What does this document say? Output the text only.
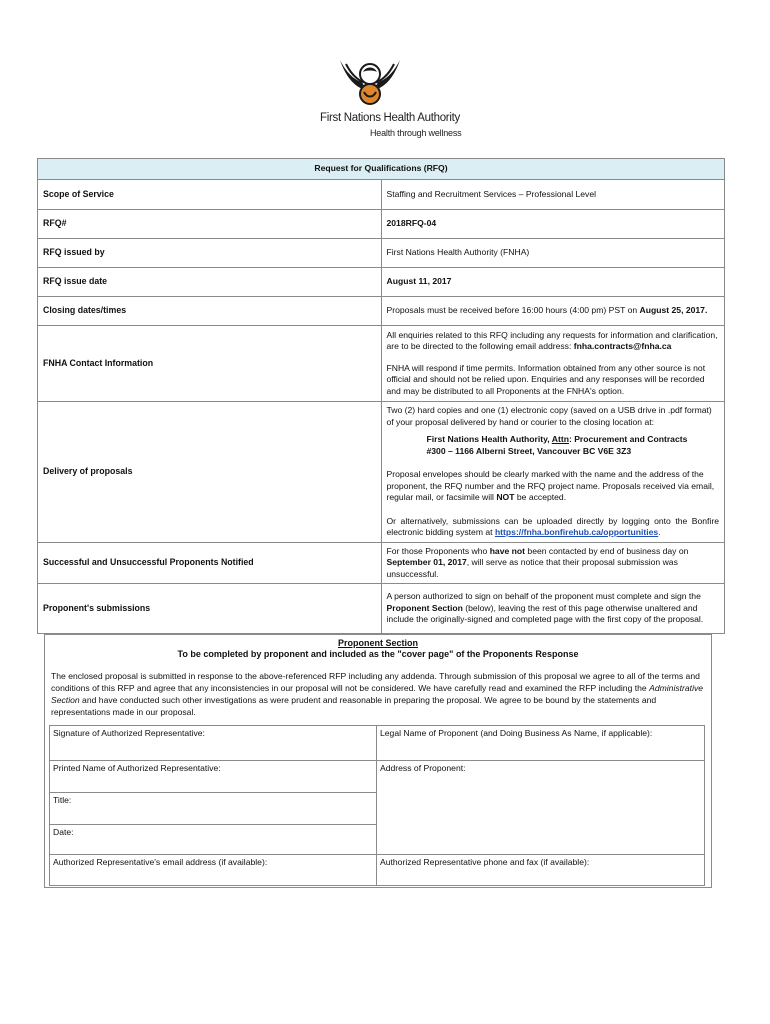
First Nations Health Authority
Health through wellness
Request for Qualifications (RFQ)	
Scope of Service	Staffing and Recruitment Services – Professional Level
RFQ#	2018RFQ-04
RFQ issued by	First Nations Health Authority (FNHA)
RFQ issue date	August 11, 2017
Closing dates/times	Proposals must be received before 16:00 hours (4:00 pm) PST on August 25, 2017.
FNHA Contact Information	All enquiries related to this RFQ including any requests for information and clarification, are to be directed to the following email address: fnha.contracts@fnha.ca

FNHA will respond if time permits. Information obtained from any other source is not official and should not be relied upon. Enquiries and any responses will be recorded and may be distributed to all Proponents at the FNHA's option.

Delivery of proposals	Two (2) hard copies and one (1) electronic copy (saved on a USB drive in .pdf format) of your proposal delivered by hand or courier to the closing location at:

First Nations Health Authority, Attn: Procurement and Contracts

#300 – 1166 Alberni Street, Vancouver BC V6E 3Z3

Proposal envelopes should be clearly marked with the name and the address of the proponent, the RFQ number and the RFQ project name. Proposals received via email, regular mail, or facsimile will NOT be accepted.

Or alternatively, submissions can be uploaded directly by logging onto the Bonfire electronic bidding system at https://fnha.bonfirehub.ca/opportunities.

Successful and Unsuccessful Proponents Notified	For those Proponents who have not been contacted by end of business day on September 01, 2017, will serve as notice that their proposal submission was unsuccessful.
Proponent's submissions	A person authorized to sign on behalf of the proponent must complete and sign the Proponent Section (below), leaving the rest of this page otherwise unaltered and include the originally-signed and completed page with the first copy of the proposal.
Proponent Section
To be completed by proponent and included as the "cover page" of the Proponents Response
The enclosed proposal is submitted in response to the above-referenced RFP including any addenda. Through submission of this proposal we agree to all of the terms and conditions of this RFP and agree that any inconsistencies in our proposal will not be considered. We have carefully read and examined the RFP including the Administrative Section and have conducted such other investigations as were prudent and reasonable in preparing the proposal. We agree to be bound by the statements and representations made in our proposal.
Signature of Authorized Representative:	Legal Name of Proponent (and Doing Business As Name, if applicable):
Printed Name of Authorized Representative:	Address of Proponent:
Title:	
Date:	
Authorized Representative's email address (if available):	Authorized Representative phone and fax (if available):
